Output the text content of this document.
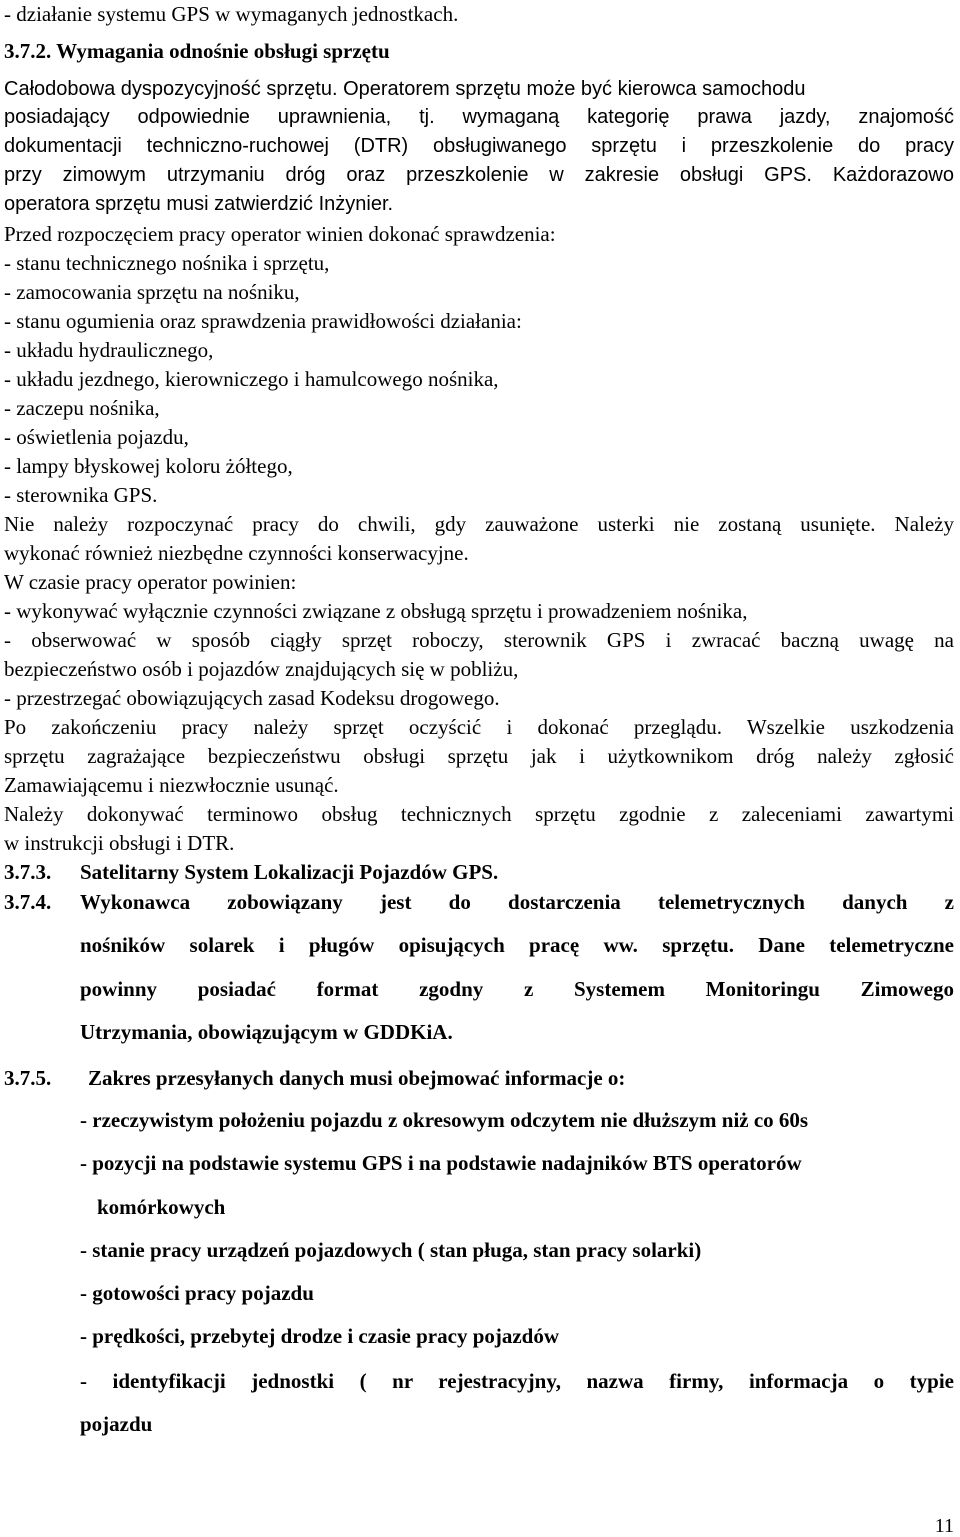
- działanie systemu GPS w wymaganych jednostkach.
3.7.2. Wymagania odnośnie obsługi sprzętu
Całodobowa dyspozycyjność sprzętu. Operatorem sprzętu może być kierowca samochodu
posiadający odpowiednie uprawnienia, tj. wymaganą kategorię prawa jazdy, znajomość
dokumentacji techniczno-ruchowej (DTR) obsługiwanego sprzętu i przeszkolenie do pracy
przy zimowym utrzymaniu dróg oraz przeszkolenie w zakresie obsługi GPS. Każdorazowo
operatora sprzętu musi zatwierdzić Inżynier.
Przed rozpoczęciem pracy operator winien dokonać sprawdzenia:
- stanu technicznego nośnika i sprzętu,
- zamocowania sprzętu na nośniku,
- stanu ogumienia oraz sprawdzenia prawidłowości działania:
- układu hydraulicznego,
- układu jezdnego, kierowniczego i hamulcowego nośnika,
- zaczepu nośnika,
- oświetlenia pojazdu,
- lampy błyskowej koloru żółtego,
- sterownika GPS.
Nie należy rozpoczynać pracy do chwili, gdy zauważone usterki nie zostaną usunięte. Należy
wykonać również niezbędne czynności konserwacyjne.
W czasie pracy operator powinien:
- wykonywać wyłącznie czynności związane z obsługą sprzętu i prowadzeniem nośnika,
- obserwować w sposób ciągły sprzęt roboczy, sterownik GPS i zwracać baczną uwagę na
bezpieczeństwo osób i pojazdów znajdujących się w pobliżu,
- przestrzegać obowiązujących zasad Kodeksu drogowego.
Po zakończeniu pracy należy sprzęt oczyścić i dokonać przeglądu. Wszelkie uszkodzenia
sprzętu zagrażające bezpieczeństwu obsługi sprzętu jak i użytkownikom dróg należy zgłosić
Zamawiającemu i niezwłocznie usunąć.
Należy dokonywać terminowo obsług technicznych sprzętu zgodnie z zaleceniami zawartymi
w instrukcji obsługi i DTR.
3.7.3. Satelitarny System Lokalizacji Pojazdów GPS.
3.7.4.	Wykonawca zobowiązany jest do dostarczenia telemetrycznych danych z
nośników solarek i pługów opisujących pracę ww. sprzętu. Dane telemetryczne
powinny posiadać format zgodny z Systemem Monitoringu Zimowego
Utrzymania, obowiązującym w GDDKiA.
3.7.5. Zakres przesyłanych danych musi obejmować informacje o:
- rzeczywistym położeniu pojazdu z okresowym odczytem nie dłuższym niż co 60s
- pozycji na podstawie systemu GPS i na podstawie nadajników BTS operatorów
komórkowych
- stanie pracy urządzeń pojazdowych ( stan pługa, stan pracy solarki)
- gotowości pracy pojazdu
- prędkości, przebytej drodze i czasie pracy pojazdów
- identyfikacji jednostki ( nr rejestracyjny, nazwa firmy, informacja o typie
pojazdu
11
